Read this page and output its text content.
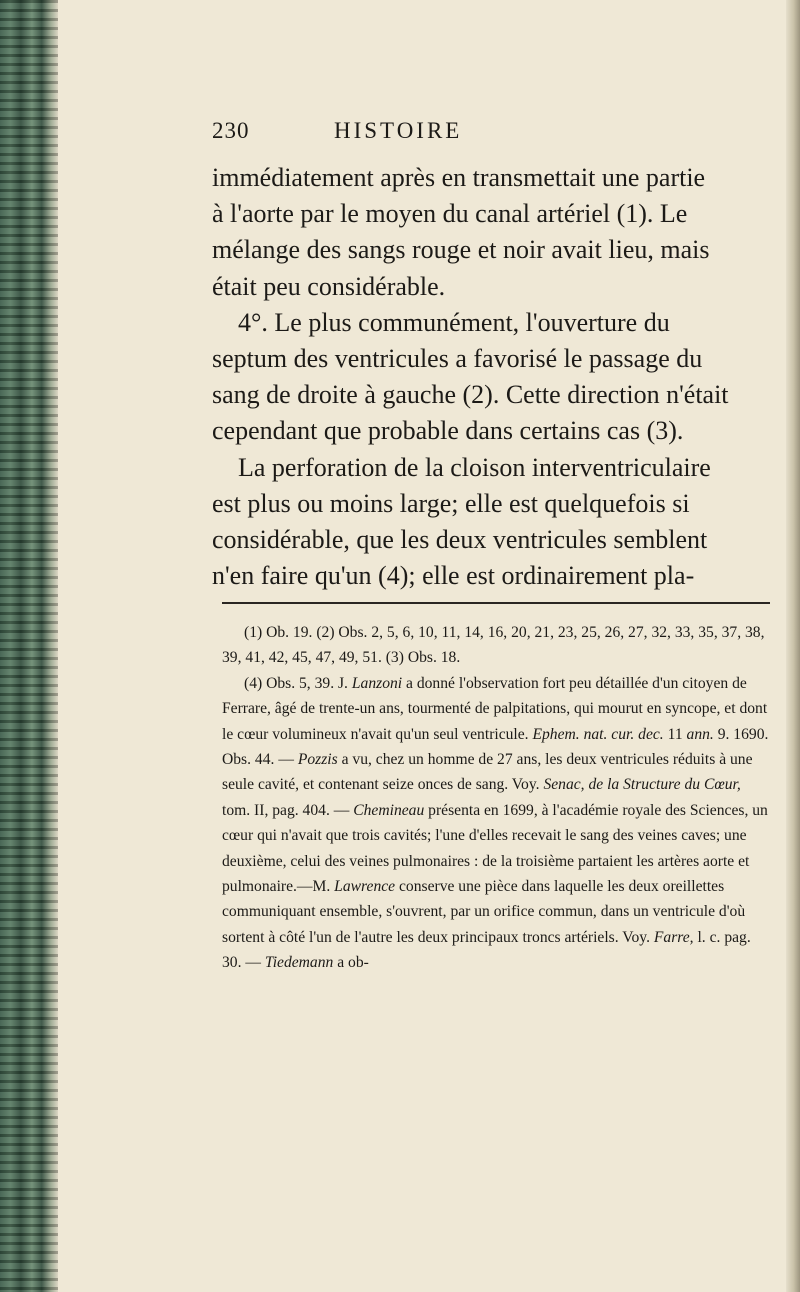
230	HISTOIRE

immédiatement après en transmettait une partie

à l'aorte par le moyen du canal artériel (1). Le

mélange des sangs rouge et noir avait lieu, mais

était peu considérable.

4°. Le plus communément, l'ouverture du

septum des ventricules a favorisé le passage du

sang de droite à gauche (2). Cette direction n'était

cependant que probable dans certains cas (3).

La perforation de la cloison interventriculaire

est plus ou moins large; elle est quelquefois si

considérable, que les deux ventricules semblent

n'en faire qu'un (4); elle est ordinairement pla-

(1) Ob. 19. (2) Obs. 2, 5, 6, 10, 11, 14, 16, 20, 21, 23, 25, 26, 27, 32, 33, 35, 37, 38, 39, 41, 42, 45, 47, 49, 51. (3) Obs. 18.

(4) Obs. 5, 39. J. Lanzoni a donné l'observation fort peu détaillée d'un citoyen de Ferrare, âgé de trente-un ans, tourmenté de palpitations, qui mourut en syncope, et dont le cœur volumineux n'avait qu'un seul ventricule. Ephem. nat. cur. dec. 11 ann. 9. 1690. Obs. 44. — Pozzis a vu, chez un homme de 27 ans, les deux ventricules réduits à une seule cavité, et contenant seize onces de sang. Voy. Senac, de la Structure du Cœur, tom. II, pag. 404. — Chemineau présenta en 1699, à l'académie royale des Sciences, un cœur qui n'avait que trois cavités; l'une d'elles recevait le sang des veines caves; une deuxième, celui des veines pulmonaires : de la troisième partaient les artères aorte et pulmonaire.—M. Lawrence conserve une pièce dans laquelle les deux oreillettes communiquant ensemble, s'ouvrent, par un orifice commun, dans un ventricule d'où sortent à côté l'un de l'autre les deux principaux troncs artériels. Voy. Farre, l. c. pag. 30. — Tiedemann a ob-
